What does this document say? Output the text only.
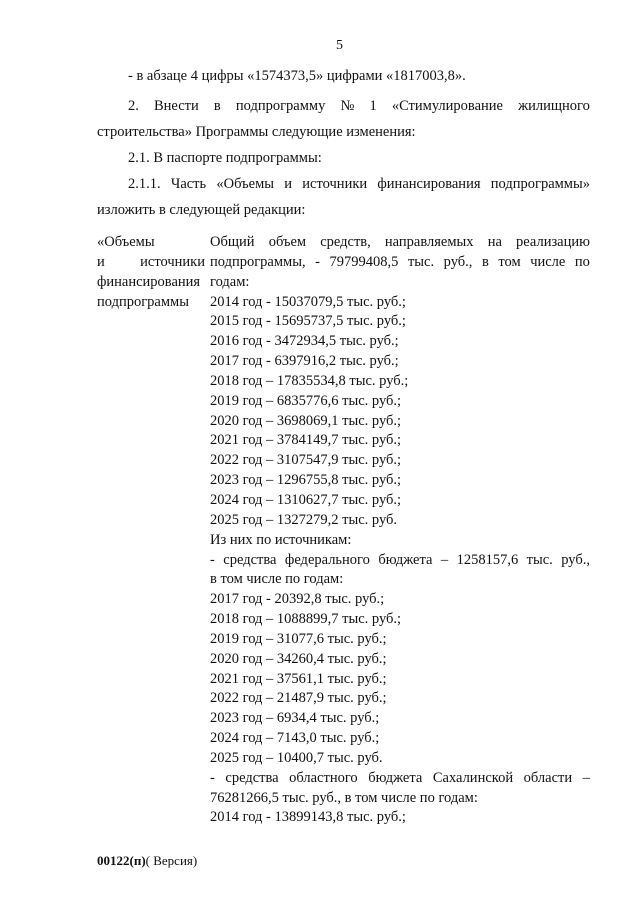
5
- в абзаце 4 цифры «1574373,5» цифрами «1817003,8».
2. Внести в подпрограмму № 1 «Стимулирование жилищного
строительства» Программы следующие изменения:
2.1. В паспорте подпрограммы:
2.1.1. Часть «Объемы и источники финансирования подпрограммы»
изложить в следующей редакции:
«Объемы
и источники
финансирования
подпрограммы
Общий объем средств, направляемых на реализацию
подпрограммы, - 79799408,5 тыс. руб., в том числе по
годам:
2014 год - 15037079,5 тыс. руб.;
2015 год - 15695737,5 тыс. руб.;
2016 год - 3472934,5 тыс. руб.;
2017 год - 6397916,2 тыс. руб.;
2018 год – 17835534,8 тыс. руб.;
2019 год – 6835776,6 тыс. руб.;
2020 год – 3698069,1 тыс. руб.;
2021 год – 3784149,7 тыс. руб.;
2022 год – 3107547,9 тыс. руб.;
2023 год – 1296755,8 тыс. руб.;
2024 год – 1310627,7 тыс. руб.;
2025 год – 1327279,2 тыс. руб.
Из них по источникам:
- средства федерального бюджета – 1258157,6 тыс. руб.,
в том числе по годам:
2017 год - 20392,8 тыс. руб.;
2018 год – 1088899,7 тыс. руб.;
2019 год – 31077,6 тыс. руб.;
2020 год – 34260,4 тыс. руб.;
2021 год – 37561,1 тыс. руб.;
2022 год – 21487,9 тыс. руб.;
2023 год – 6934,4 тыс. руб.;
2024 год – 7143,0 тыс. руб.;
2025 год – 10400,7 тыс. руб.
- средства областного бюджета Сахалинской области –
76281266,5 тыс. руб., в том числе по годам:
2014 год - 13899143,8 тыс. руб.;
00122(п)( Версия)
